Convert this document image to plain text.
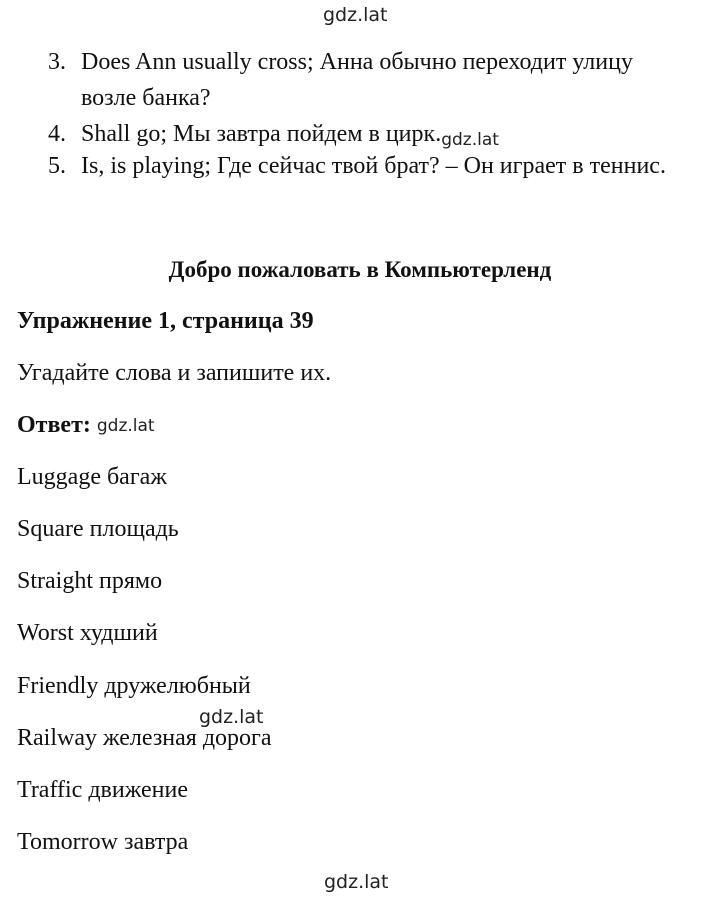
gdz.lat
3. Does Ann usually cross; Анна обычно переходит улицу
возле банка?
4. Shall go; Мы завтра пойдем в цирк.gdz.lat
5. Is, is playing; Где сейчас твой брат? – Он играет в теннис.
Добро пожаловать в Компьютерленд
Упражнение 1, страница 39
Угадайте слова и запишите их.
Ответ: gdz.lat
Luggage багаж
Square площадь
Straight прямо
Worst худший
Friendly дружелюбный
gdz.lat
Railway железная дорога
Traffic движение
Tomorrow завтра
gdz.lat
